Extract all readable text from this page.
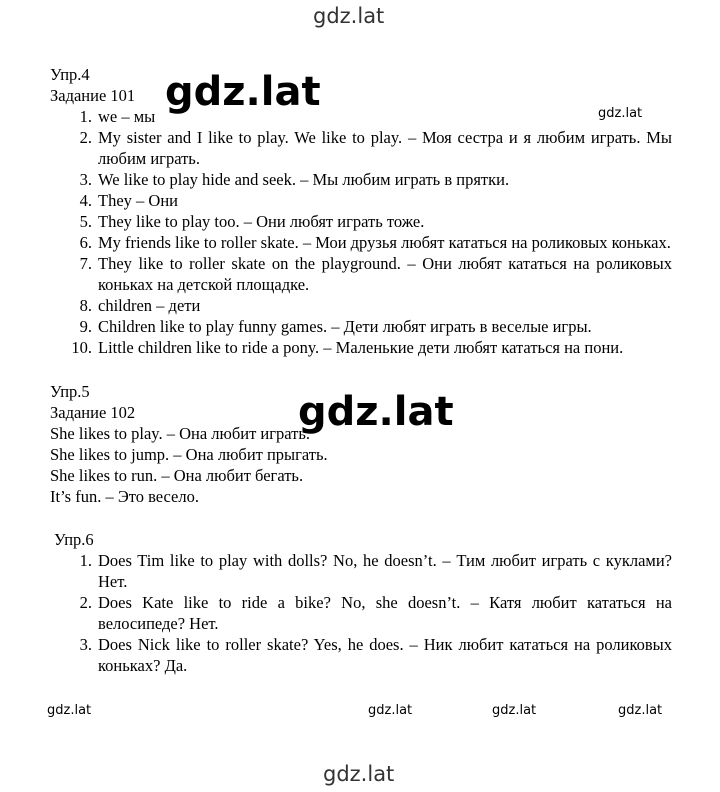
gdz.lat
gdz.lat	gdz.lat
gdz.lat
gdz.lat	gdz.lat	gdz.lat	gdz.lat
gdz.lat

Упр.4

Задание 101

1. we – мы
2. My sister and I like to play. We like to play. – Моя сестра и я любим играть. Мы любим играть.
3. We like to play hide and seek. – Мы любим играть в прятки.
4. They – Они
5. They like to play too. – Они любят играть тоже.
6. My friends like to roller skate. – Мои друзья любят кататься на роликовых коньках.
7. They like to roller skate on the playground. – Они любят кататься на роликовых коньках на детской площадке.
8. children – дети
9. Children like to play funny games. – Дети любят играть в веселые игры.
10. Little children like to ride a pony. – Маленькие дети любят кататься на пони.

Упр.5

Задание 102

She likes to play. – Она любит играть.

She likes to jump. – Она любит прыгать.

She likes to run. – Она любит бегать.

It’s fun. – Это весело.

Упр.6

1. Does Tim like to play with dolls? No, he doesn’t. – Тим любит играть с куклами? Нет.
2. Does Kate like to ride a bike? No, she doesn’t. – Катя любит кататься на велосипеде? Нет.
3. Does Nick like to roller skate? Yes, he does. – Ник любит кататься на роликовых коньках? Да.
